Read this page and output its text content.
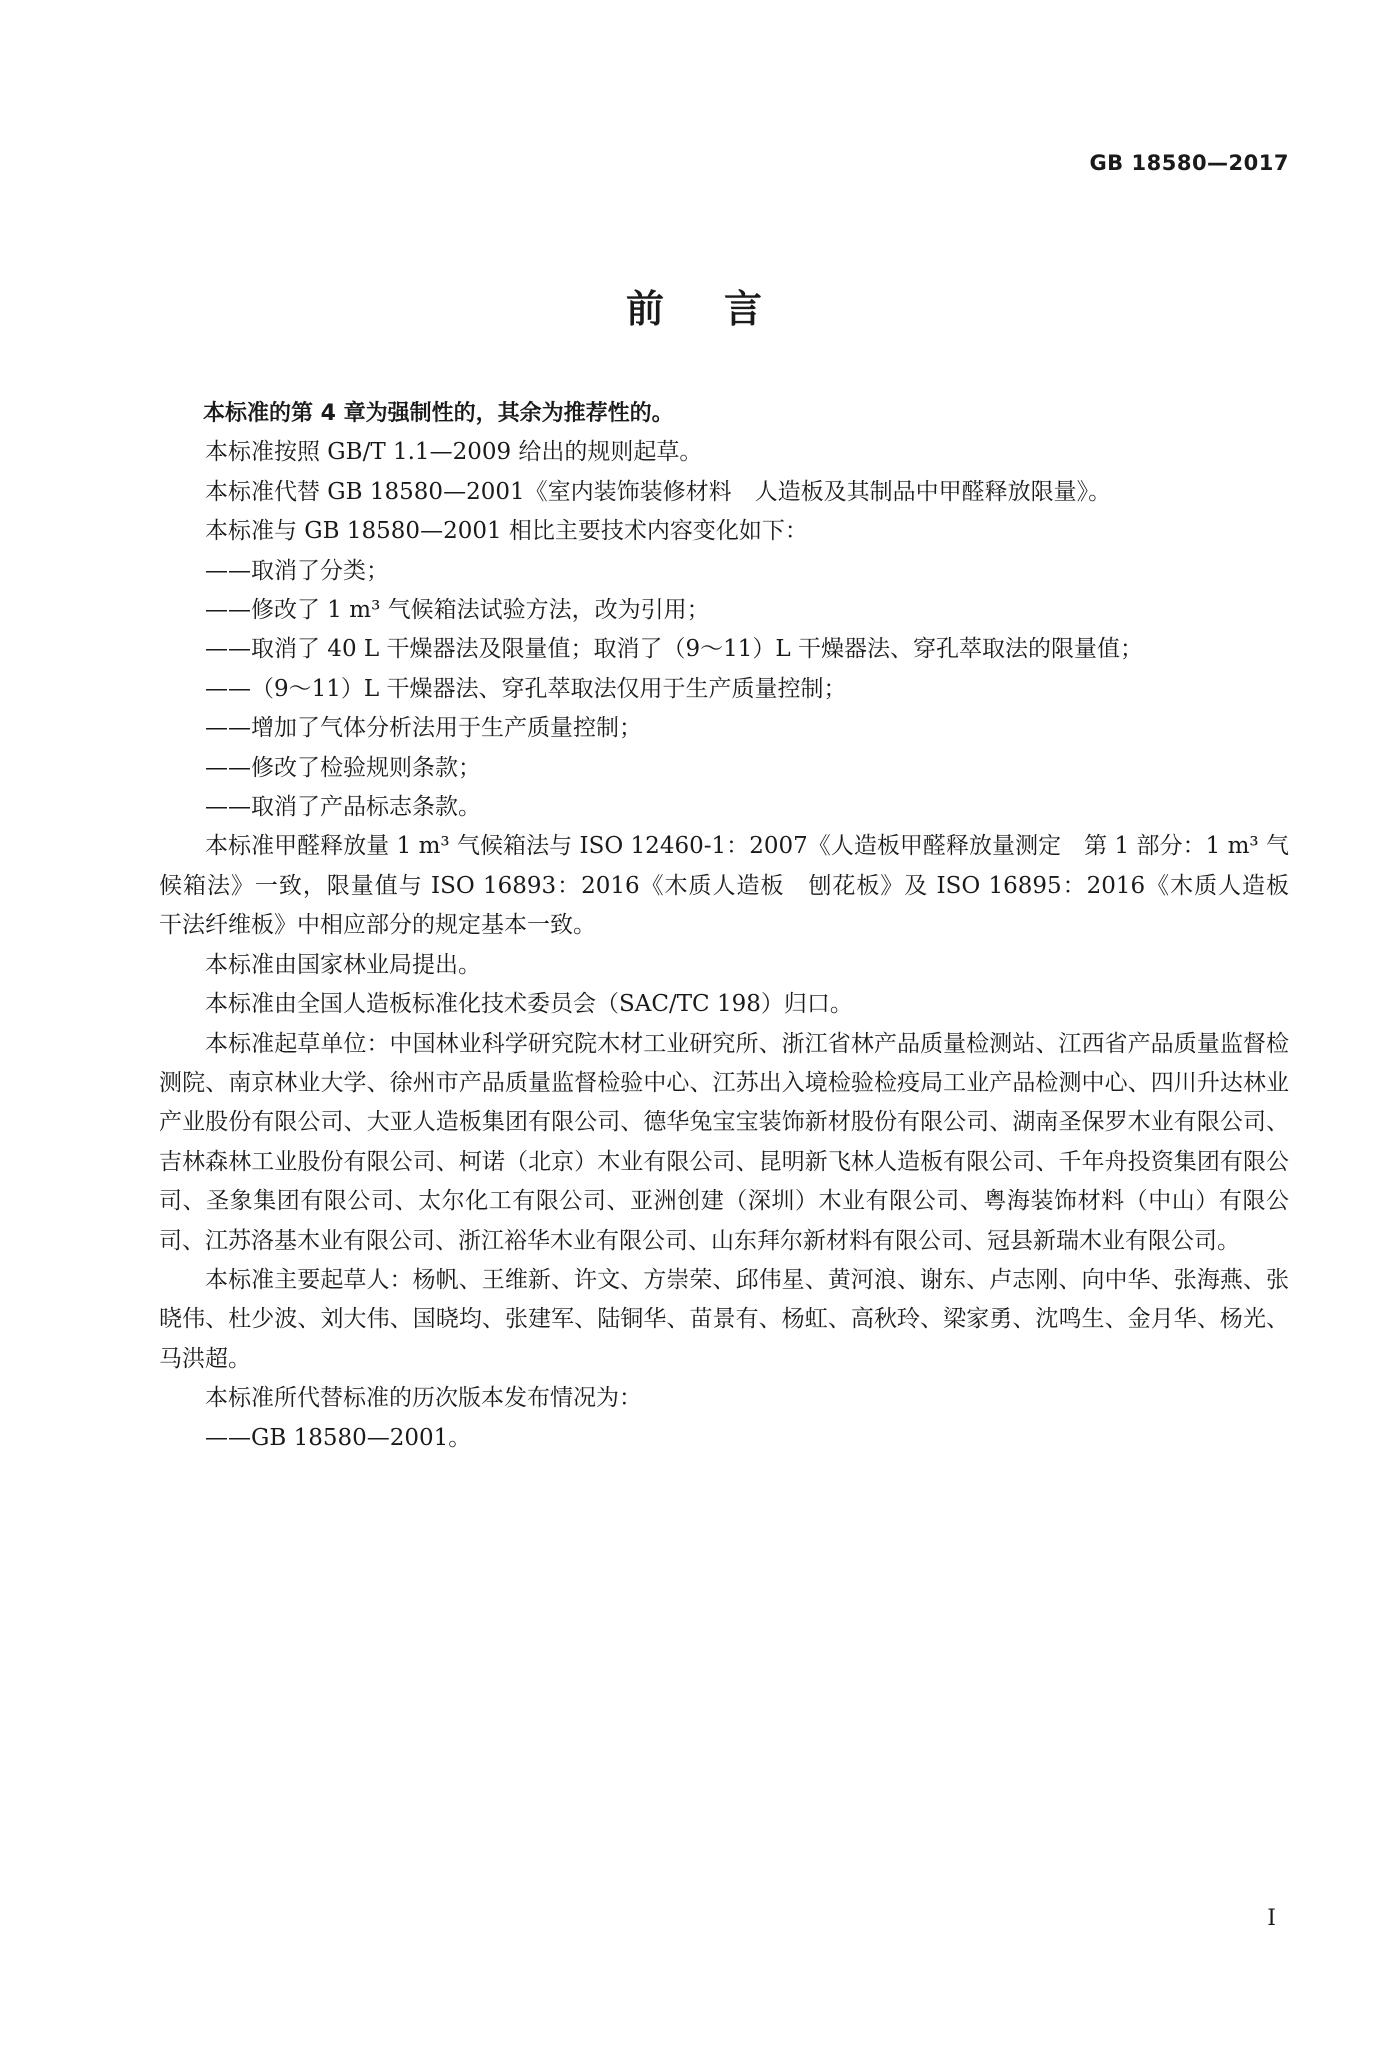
GB 18580—2017
前言

本标准的第 4 章为强制性的，其余为推荐性的。

本标准按照 GB/T 1.1—2009 给出的规则起草。

本标准代替 GB 18580—2001《室内装饰装修材料　人造板及其制品中甲醛释放限量》。

本标准与 GB 18580—2001 相比主要技术内容变化如下：

——取消了分类；

——修改了 1 m³ 气候箱法试验方法，改为引用；

——取消了 40 L 干燥器法及限量值；取消了（9～11）L 干燥器法、穿孔萃取法的限量值；

——（9～11）L 干燥器法、穿孔萃取法仅用于生产质量控制；

——增加了气体分析法用于生产质量控制；

——修改了检验规则条款；

——取消了产品标志条款。

本标准甲醛释放量 1 m³ 气候箱法与 ISO 12460-1：2007《人造板甲醛释放量测定　第 1 部分：1 m³ 气候箱法》一致，限量值与 ISO 16893：2016《木质人造板　刨花板》及 ISO 16895：2016《木质人造板　干法纤维板》中相应部分的规定基本一致。

本标准由国家林业局提出。

本标准由全国人造板标准化技术委员会（SAC/TC 198）归口。

本标准起草单位：中国林业科学研究院木材工业研究所、浙江省林产品质量检测站、江西省产品质量监督检测院、南京林业大学、徐州市产品质量监督检验中心、江苏出入境检验检疫局工业产品检测中心、四川升达林业产业股份有限公司、大亚人造板集团有限公司、德华兔宝宝装饰新材股份有限公司、湖南圣保罗木业有限公司、吉林森林工业股份有限公司、柯诺（北京）木业有限公司、昆明新飞林人造板有限公司、千年舟投资集团有限公司、圣象集团有限公司、太尔化工有限公司、亚洲创建（深圳）木业有限公司、粤海装饰材料（中山）有限公司、江苏洛基木业有限公司、浙江裕华木业有限公司、山东拜尔新材料有限公司、冠县新瑞木业有限公司。

本标准主要起草人：杨帆、王维新、许文、方崇荣、邱伟星、黄河浪、谢东、卢志刚、向中华、张海燕、张晓伟、杜少波、刘大伟、国晓均、张建军、陆铜华、苗景有、杨虹、高秋玲、梁家勇、沈鸣生、金月华、杨光、马洪超。

本标准所代替标准的历次版本发布情况为：

——GB 18580—2001。

I
